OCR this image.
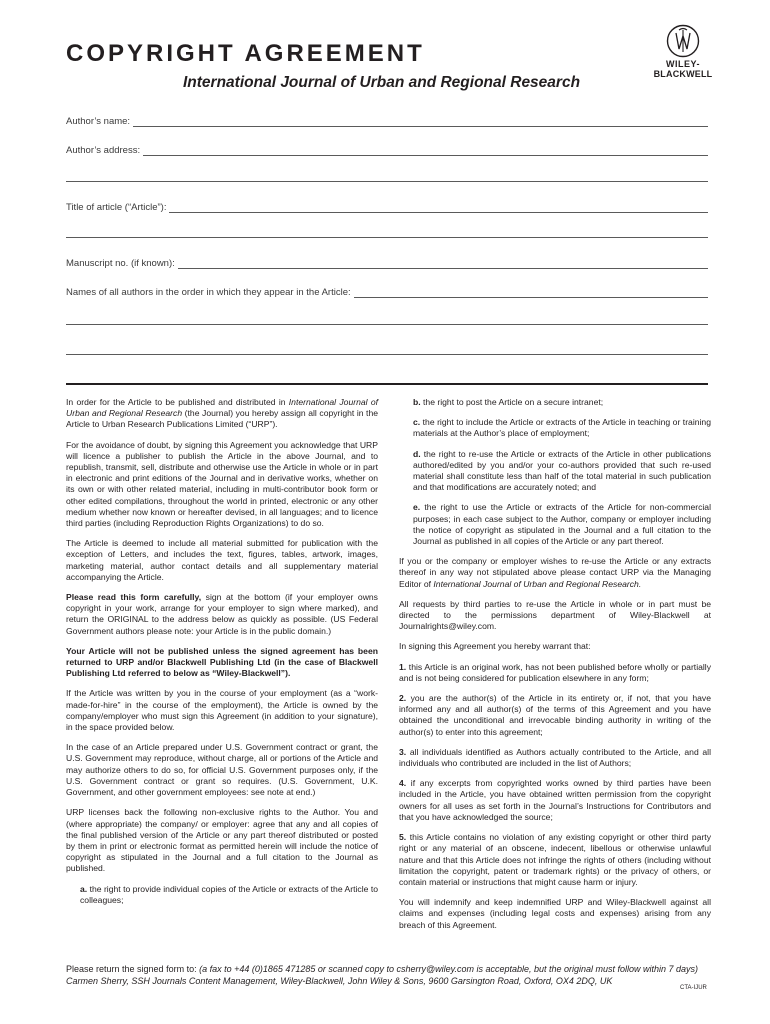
COPYRIGHT AGREEMENT
International Journal of Urban and Regional Research
WILEY-
BLACKWELL
Author’s name:
Author’s address:
Title of article (“Article”):
Manuscript no. (if known):
Names of all authors in the order in which they appear in the Article:

In order for the Article to be published and distributed in International Journal of Urban and Regional Research (the Journal) you hereby assign all copyright in the Article to Urban Research Publications Limited (“URP”).

For the avoidance of doubt, by signing this Agreement you acknowledge that URP will licence a publisher to publish the Article in the above Journal, and to republish, transmit, sell, distribute and otherwise use the Article in whole or in part in electronic and print editions of the Journal and in derivative works, whether on its own or with other related material, including in multi-contributor book form or other edited compilations, throughout the world in printed, electronic or any other medium whether now known or hereafter devised, in all languages; and to licence third parties (including Reproduction Rights Organizations) to do so.

The Article is deemed to include all material submitted for publication with the exception of Letters, and includes the text, figures, tables, artwork, images, marketing material, author contact details and all supplementary material accompanying the Article.

Please read this form carefully, sign at the bottom (if your employer owns copyright in your work, arrange for your employer to sign where marked), and return the ORIGINAL to the address below as quickly as possible. (US Federal Government authors please note: your Article is in the public domain.)

Your Article will not be published unless the signed agreement has been returned to URP and/or Blackwell Publishing Ltd (in the case of Blackwell Publishing Ltd referred to below as “Wiley-Blackwell”).

If the Article was written by you in the course of your employment (as a “work-made-for-hire” in the course of the employment), the Article is owned by the company/employer who must sign this Agreement (in addition to your signature), in the space provided below.

In the case of an Article prepared under U.S. Government contract or grant, the U.S. Government may reproduce, without charge, all or portions of the Article and may authorize others to do so, for official U.S. Government purposes only, if the U.S. Government contract or grant so requires. (U.S. Government, U.K. Government, and other government employees: see note at end.)

URP licenses back the following non-exclusive rights to the Author. You and (where appropriate) the company/ or employer: agree that any and all copies of the final published version of the Article or any part thereof distributed or posted by them in print or electronic format as permitted herein will include the notice of copyright as stipulated in the Journal and a full citation to the Journal as published.

a. the right to provide individual copies of the Article or extracts of the Article to colleagues;

b. the right to post the Article on a secure intranet;

c. the right to include the Article or extracts of the Article in teaching or training materials at the Author’s place of employment;

d. the right to re-use the Article or extracts of the Article in other publications authored/edited by you and/or your co-authors provided that such re-used material shall constitute less than half of the total material in such publication and that modifications are accurately noted; and

e. the right to use the Article or extracts of the Article for non-commercial purposes; in each case subject to the Author, company or employer including the notice of copyright as stipulated in the Journal and a full citation to the Journal as published in all copies of the Article or any part thereof.

If you or the company or employer wishes to re-use the Article or any extracts thereof in any way not stipulated above please contact URP via the Managing Editor of International Journal of Urban and Regional Research.

All requests by third parties to re-use the Article in whole or in part must be directed to the permissions department of Wiley-Blackwell at Journalrights@wiley.com.

In signing this Agreement you hereby warrant that:

1. this Article is an original work, has not been published before wholly or partially and is not being considered for publication elsewhere in any form;

2. you are the author(s) of the Article in its entirety or, if not, that you have informed any and all author(s) of the terms of this Agreement and you have obtained the unconditional and irrevocable binding authority in writing of the author(s) to enter into this agreement;

3. all individuals identified as Authors actually contributed to the Article, and all individuals who contributed are included in the list of Authors;

4. if any excerpts from copyrighted works owned by third parties have been included in the Article, you have obtained written permission from the copyright owners for all uses as set forth in the Journal’s Instructions for Contributors and that you have acknowledged the source;

5. this Article contains no violation of any existing copyright or other third party right or any material of an obscene, indecent, libellous or otherwise unlawful nature and that this Article does not infringe the rights of others (including without limitation the copyright, patent or trademark rights) or the privacy of others, or contain material or instructions that might cause harm or injury.

You will indemnify and keep indemnified URP and Wiley-Blackwell against all claims and expenses (including legal costs and expenses) arising from any breach of this Agreement.

Please return the signed form to: (a fax to +44 (0)1865 471285 or scanned copy to csherry@wiley.com is acceptable, but the original must follow within 7 days)
Carmen Sherry, SSH Journals Content Management, Wiley-Blackwell, John Wiley & Sons, 9600 Garsington Road, Oxford, OX4 2DQ, UK
CTA-IJUR
